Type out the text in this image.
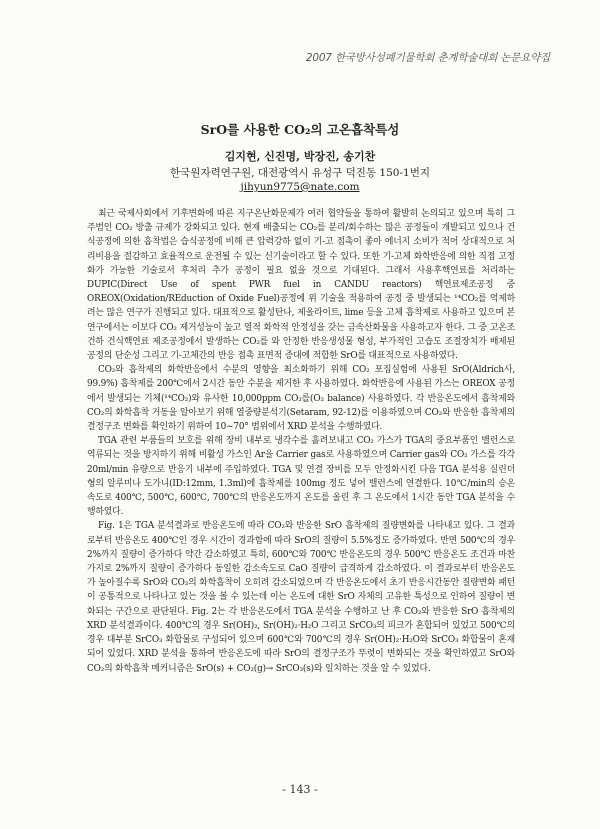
2007 한국방사성폐기물학회 춘계학술대회 논문요약집
SrO를 사용한 CO₂의 고온흡착특성
김지현, 신진명, 박장진, 송기찬
한국원자력연구원, 대전광역시 유성구 덕진동 150-1번지
jihyun9775@nate.com

최근 국제사회에서 기후변화에 따른 지구온난화문제가 여러 협약들을 통하여 활발히 논의되고 있으며 특히 그 주범인 CO₂ 방출 규제가 강화되고 있다. 현재 배출되는 CO₂를 분리/회수하는 많은 공정들이 개발되고 있으나 건식공정에 의한 흡착법은 습식공정에 비해 큰 압력강하 없이 기-고 접촉이 좋아 에너지 소비가 적어 상대적으로 처리비용을 절감하고 효율적으로 운전될 수 있는 신기술이라고 할 수 있다. 또한 기-고체 화학반응에 의한 직접 고정화가 가능한 기술로서 후처리 추가 공정이 필요 없을 것으로 기대된다. 그래서 사용후핵연료를 처리하는 DUPIC(Direct Use of spent PWR fuel in CANDU reactors) 핵연료제조공정 중 OREOX(Oxidation/REduction of Oxide Fuel)공정에 위 기술을 적용하여 공정 중 발생되는 ¹⁴CO₂를 억제하려는 많은 연구가 진행되고 있다. 대표적으로 활성탄나, 제올라이트, lime 등을 고체 흡착제로 사용하고 있으며 본 연구에서는 이보다 CO₂ 제거성능이 높고 열적 화학적 안정성을 갖는 금속산화물을 사용하고자 한다. 그 중 고온조건하 건식핵연료 제조공정에서 발생하는 CO₂를 와 안정한 반응생성물 형성, 부가적인 고습도 조절장치가 배제된 공정의 단순성 그리고 기-고체간의 반응 접촉 표면적 증대에 적합한 SrO를 대표적으로 사용하였다.

CO₂와 흡착제의 화학반응에서 수분의 영향을 최소화하기 위해 CO₂ 포집실험에 사용된 SrO(Aldrich사, 99.9%) 흡착제를 200℃에서 2시간 동안 수분을 제거한 후 사용하였다. 화학반응에 사용된 가스는 OREOX 공정에서 발생되는 기체(¹⁴CO₂)와 유사한 10,000ppm CO₂를(O₂ balance) 사용하였다. 각 반응온도에서 흡착제와 CO₂의 화학흡착 거동을 알아보기 위해 열중량분석기(Setaram, 92-12)를 이용하였으며 CO₂와 반응한 흡착제의 결정구조 변화를 확인하기 위하여 10~70° 범위에서 XRD 분석을 수행하였다.

TGA 관련 부품들의 보호를 위해 장비 내부로 냉각수를 흘려보내고 CO₂ 가스가 TGA의 중요부품인 밸런스로 역류되는 것을 방지하기 위해 비활성 가스인 Ar을 Carrier gas로 사용하였으며 Carrier gas와 CO₂ 가스를 각각 20ml/min 유량으로 반응기 내부에 주입하였다. TGA 및 연결 장비를 모두 안정화시킨 다음 TGA 분석용 실린더형의 알루미나 도가니(ID:12mm, 1.3ml)에 흡착제를 100mg 정도 넣어 밸런스에 연결한다. 10℃/min의 승온속도로 400℃, 500℃, 600℃, 700℃의 반응온도까지 온도를 올린 후 그 온도에서 1시간 동안 TGA 분석을 수행하였다.

Fig. 1은 TGA 분석결과로 반응온도에 따라 CO₂와 반응한 SrO 흡착제의 질량변화를 나타내고 있다. 그 결과로부터 반응온도 400℃인 경우 시간이 경과함에 따라 SrO의 질량이 5.5%정도 증가하였다. 반면 500℃의 경우 2%까지 질량이 증가하다 약간 감소하였고 특히, 600℃와 700℃ 반응온도의 경우 500℃ 반응온도 조건과 마찬가지로 2%까지 질량이 증가하다 동일한 감소속도로 CaO 질량이 급격하게 감소하였다. 이 결과로부터 반응온도가 높아질수록 SrO와 CO₂의 화학흡착이 오히려 감소되었으며 각 반응온도에서 초기 반응시간동안 질량변화 패턴이 공통적으로 나타나고 있는 것을 볼 수 있는데 이는 온도에 대한 SrO 자체의 고유한 특성으로 인하여 질량이 변화되는 구간으로 판단된다. Fig. 2는 각 반응온도에서 TGA 분석을 수행하고 난 후 CO₂와 반응한 SrO 흡착제의 XRD 분석결과이다. 400℃의 경우 Sr(OH)₂, Sr(OH)₂·H₂O 그리고 SrCO₃의 피크가 혼합되어 있었고 500℃의 경우 대부분 SrCO₃ 화합물로 구성되어 있으며 600℃와 700℃의 경우 Sr(OH)₂·H₂O와 SrCO₃ 화합물이 혼재되어 있었다. XRD 분석을 통하여 반응온도에 따라 SrO의 결정구조가 뚜렷이 변화되는 것을 확인하였고 SrO와 CO₂의 화학흡착 메커니즘은 SrO(s) + CO₂(g)→ SrCO₃(s)와 일치하는 것을 알 수 있었다.

- 143 -
